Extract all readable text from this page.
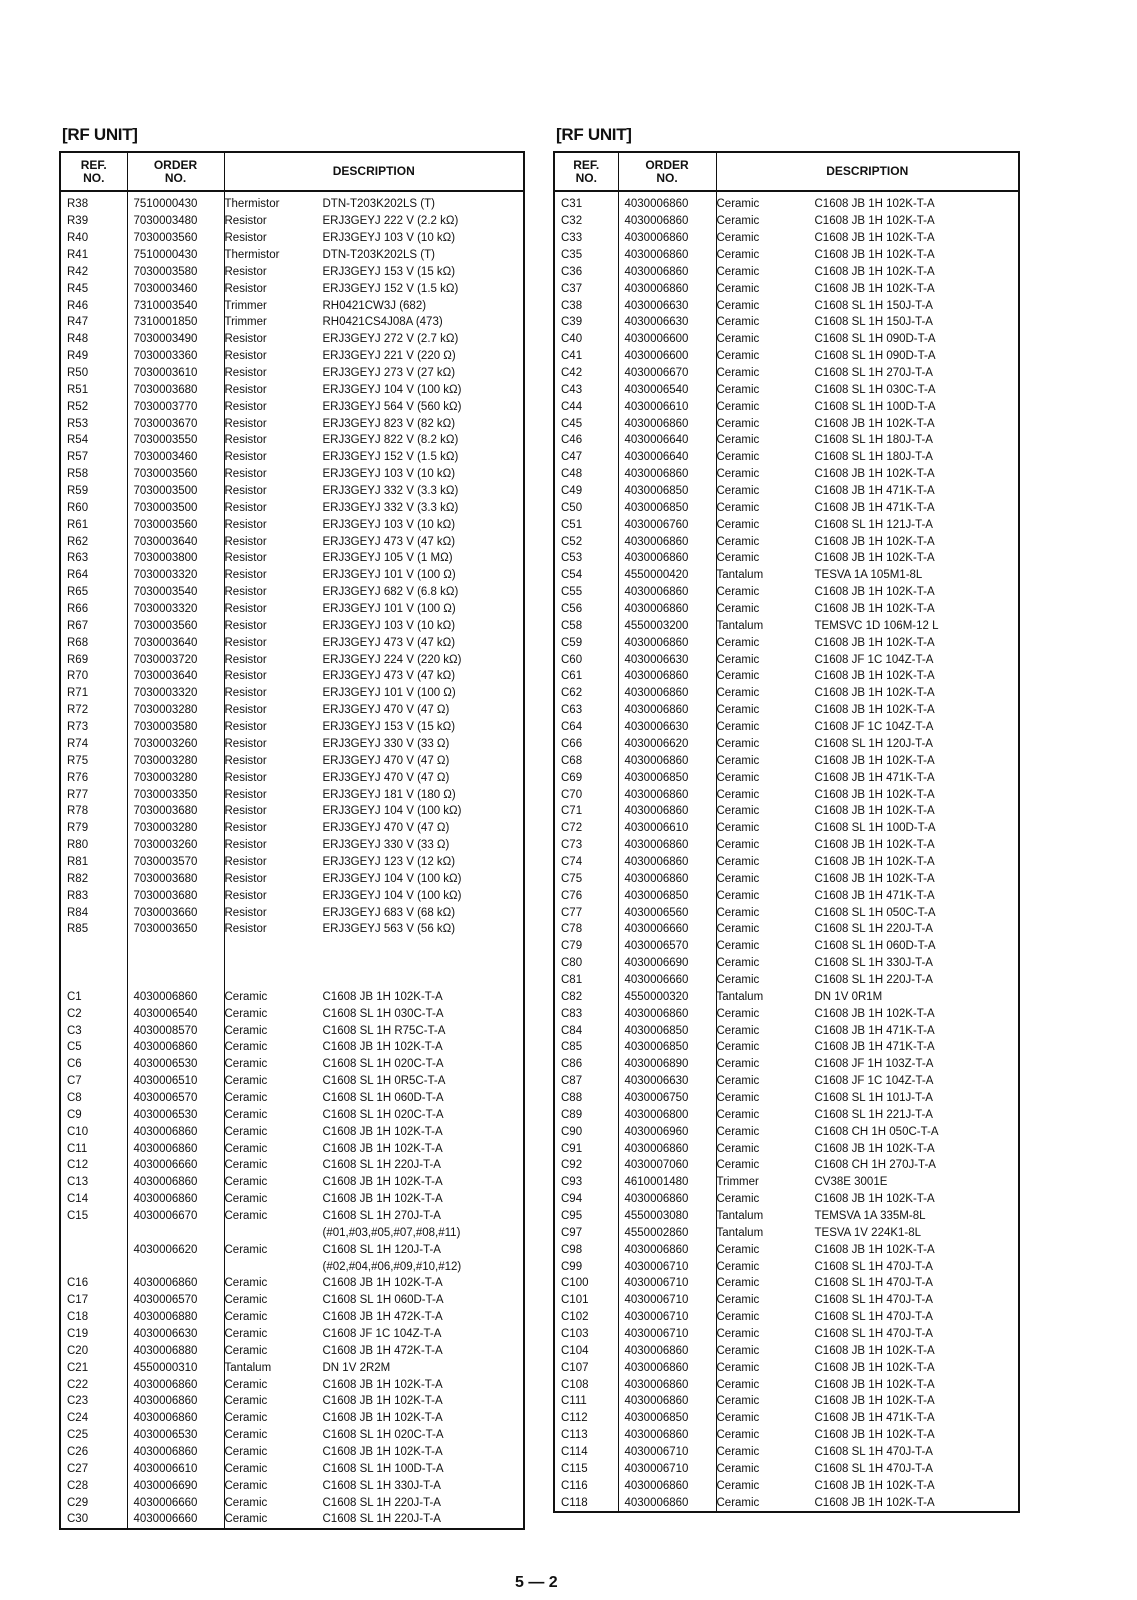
[RF UNIT]
REF.
NO.	ORDER
NO.	DESCRIPTION
R38	7510000430	Thermistor DTN-T203K202LS (T)
R39	7030003480	Resistor ERJ3GEYJ 222 V (2.2 kΩ)
R40	7030003560	Resistor ERJ3GEYJ 103 V (10 kΩ)
R41	7510000430	Thermistor DTN-T203K202LS (T)
R42	7030003580	Resistor ERJ3GEYJ 153 V (15 kΩ)
R45	7030003460	Resistor ERJ3GEYJ 152 V (1.5 kΩ)
R46	7310003540	Trimmer RH0421CW3J (682)
R47	7310001850	Trimmer RH0421CS4J08A (473)
R48	7030003490	Resistor ERJ3GEYJ 272 V (2.7 kΩ)
R49	7030003360	Resistor ERJ3GEYJ 221 V (220 Ω)
R50	7030003610	Resistor ERJ3GEYJ 273 V (27 kΩ)
R51	7030003680	Resistor ERJ3GEYJ 104 V (100 kΩ)
R52	7030003770	Resistor ERJ3GEYJ 564 V (560 kΩ)
R53	7030003670	Resistor ERJ3GEYJ 823 V (82 kΩ)
R54	7030003550	Resistor ERJ3GEYJ 822 V (8.2 kΩ)
R57	7030003460	Resistor ERJ3GEYJ 152 V (1.5 kΩ)
R58	7030003560	Resistor ERJ3GEYJ 103 V (10 kΩ)
R59	7030003500	Resistor ERJ3GEYJ 332 V (3.3 kΩ)
R60	7030003500	Resistor ERJ3GEYJ 332 V (3.3 kΩ)
R61	7030003560	Resistor ERJ3GEYJ 103 V (10 kΩ)
R62	7030003640	Resistor ERJ3GEYJ 473 V (47 kΩ)
R63	7030003800	Resistor ERJ3GEYJ 105 V (1 MΩ)
R64	7030003320	Resistor ERJ3GEYJ 101 V (100 Ω)
R65	7030003540	Resistor ERJ3GEYJ 682 V (6.8 kΩ)
R66	7030003320	Resistor ERJ3GEYJ 101 V (100 Ω)
R67	7030003560	Resistor ERJ3GEYJ 103 V (10 kΩ)
R68	7030003640	Resistor ERJ3GEYJ 473 V (47 kΩ)
R69	7030003720	Resistor ERJ3GEYJ 224 V (220 kΩ)
R70	7030003640	Resistor ERJ3GEYJ 473 V (47 kΩ)
R71	7030003320	Resistor ERJ3GEYJ 101 V (100 Ω)
R72	7030003280	Resistor ERJ3GEYJ 470 V (47 Ω)
R73	7030003580	Resistor ERJ3GEYJ 153 V (15 kΩ)
R74	7030003260	Resistor ERJ3GEYJ 330 V (33 Ω)
R75	7030003280	Resistor ERJ3GEYJ 470 V (47 Ω)
R76	7030003280	Resistor ERJ3GEYJ 470 V (47 Ω)
R77	7030003350	Resistor ERJ3GEYJ 181 V (180 Ω)
R78	7030003680	Resistor ERJ3GEYJ 104 V (100 kΩ)
R79	7030003280	Resistor ERJ3GEYJ 470 V (47 Ω)
R80	7030003260	Resistor ERJ3GEYJ 330 V (33 Ω)
R81	7030003570	Resistor ERJ3GEYJ 123 V (12 kΩ)
R82	7030003680	Resistor ERJ3GEYJ 104 V (100 kΩ)
R83	7030003680	Resistor ERJ3GEYJ 104 V (100 kΩ)
R84	7030003660	Resistor ERJ3GEYJ 683 V (68 kΩ)
R85	7030003650	Resistor ERJ3GEYJ 563 V (56 kΩ)

C1	4030006860	Ceramic C1608 JB 1H 102K-T-A
C2	4030006540	Ceramic C1608 SL 1H 030C-T-A
C3	4030008570	Ceramic C1608 SL 1H R75C-T-A
C5	4030006860	Ceramic C1608 JB 1H 102K-T-A
C6	4030006530	Ceramic C1608 SL 1H 020C-T-A
C7	4030006510	Ceramic C1608 SL 1H 0R5C-T-A
C8	4030006570	Ceramic C1608 SL 1H 060D-T-A
C9	4030006530	Ceramic C1608 SL 1H 020C-T-A
C10	4030006860	Ceramic C1608 JB 1H 102K-T-A
C11	4030006860	Ceramic C1608 JB 1H 102K-T-A
C12	4030006660	Ceramic C1608 SL 1H 220J-T-A
C13	4030006860	Ceramic C1608 JB 1H 102K-T-A
C14	4030006860	Ceramic C1608 JB 1H 102K-T-A
C15	4030006670	Ceramic C1608 SL 1H 270J-T-A
		(#01,#03,#05,#07,#08,#11)
	4030006620	Ceramic C1608 SL 1H 120J-T-A
		(#02,#04,#06,#09,#10,#12)
C16	4030006860	Ceramic C1608 JB 1H 102K-T-A
C17	4030006570	Ceramic C1608 SL 1H 060D-T-A
C18	4030006880	Ceramic C1608 JB 1H 472K-T-A
C19	4030006630	Ceramic C1608 JF 1C 104Z-T-A
C20	4030006880	Ceramic C1608 JB 1H 472K-T-A
C21	4550000310	Tantalum DN 1V 2R2M
C22	4030006860	Ceramic C1608 JB 1H 102K-T-A
C23	4030006860	Ceramic C1608 JB 1H 102K-T-A
C24	4030006860	Ceramic C1608 JB 1H 102K-T-A
C25	4030006530	Ceramic C1608 SL 1H 020C-T-A
C26	4030006860	Ceramic C1608 JB 1H 102K-T-A
C27	4030006610	Ceramic C1608 SL 1H 100D-T-A
C28	4030006690	Ceramic C1608 SL 1H 330J-T-A
C29	4030006660	Ceramic C1608 SL 1H 220J-T-A
C30	4030006660	Ceramic C1608 SL 1H 220J-T-A
[RF UNIT]
REF.
NO.	ORDER
NO.	DESCRIPTION
C31	4030006860	Ceramic C1608 JB 1H 102K-T-A
C32	4030006860	Ceramic C1608 JB 1H 102K-T-A
C33	4030006860	Ceramic C1608 JB 1H 102K-T-A
C35	4030006860	Ceramic C1608 JB 1H 102K-T-A
C36	4030006860	Ceramic C1608 JB 1H 102K-T-A
C37	4030006860	Ceramic C1608 JB 1H 102K-T-A
C38	4030006630	Ceramic C1608 SL 1H 150J-T-A
C39	4030006630	Ceramic C1608 SL 1H 150J-T-A
C40	4030006600	Ceramic C1608 SL 1H 090D-T-A
C41	4030006600	Ceramic C1608 SL 1H 090D-T-A
C42	4030006670	Ceramic C1608 SL 1H 270J-T-A
C43	4030006540	Ceramic C1608 SL 1H 030C-T-A
C44	4030006610	Ceramic C1608 SL 1H 100D-T-A
C45	4030006860	Ceramic C1608 JB 1H 102K-T-A
C46	4030006640	Ceramic C1608 SL 1H 180J-T-A
C47	4030006640	Ceramic C1608 SL 1H 180J-T-A
C48	4030006860	Ceramic C1608 JB 1H 102K-T-A
C49	4030006850	Ceramic C1608 JB 1H 471K-T-A
C50	4030006850	Ceramic C1608 JB 1H 471K-T-A
C51	4030006760	Ceramic C1608 SL 1H 121J-T-A
C52	4030006860	Ceramic C1608 JB 1H 102K-T-A
C53	4030006860	Ceramic C1608 JB 1H 102K-T-A
C54	4550000420	Tantalum TESVA 1A 105M1-8L
C55	4030006860	Ceramic C1608 JB 1H 102K-T-A
C56	4030006860	Ceramic C1608 JB 1H 102K-T-A
C58	4550003200	Tantalum TEMSVC 1D 106M-12 L
C59	4030006860	Ceramic C1608 JB 1H 102K-T-A
C60	4030006630	Ceramic C1608 JF 1C 104Z-T-A
C61	4030006860	Ceramic C1608 JB 1H 102K-T-A
C62	4030006860	Ceramic C1608 JB 1H 102K-T-A
C63	4030006860	Ceramic C1608 JB 1H 102K-T-A
C64	4030006630	Ceramic C1608 JF 1C 104Z-T-A
C66	4030006620	Ceramic C1608 SL 1H 120J-T-A
C68	4030006860	Ceramic C1608 JB 1H 102K-T-A
C69	4030006850	Ceramic C1608 JB 1H 471K-T-A
C70	4030006860	Ceramic C1608 JB 1H 102K-T-A
C71	4030006860	Ceramic C1608 JB 1H 102K-T-A
C72	4030006610	Ceramic C1608 SL 1H 100D-T-A
C73	4030006860	Ceramic C1608 JB 1H 102K-T-A
C74	4030006860	Ceramic C1608 JB 1H 102K-T-A
C75	4030006860	Ceramic C1608 JB 1H 102K-T-A
C76	4030006850	Ceramic C1608 JB 1H 471K-T-A
C77	4030006560	Ceramic C1608 SL 1H 050C-T-A
C78	4030006660	Ceramic C1608 SL 1H 220J-T-A
C79	4030006570	Ceramic C1608 SL 1H 060D-T-A
C80	4030006690	Ceramic C1608 SL 1H 330J-T-A
C81	4030006660	Ceramic C1608 SL 1H 220J-T-A
C82	4550000320	Tantalum DN 1V 0R1M
C83	4030006860	Ceramic C1608 JB 1H 102K-T-A
C84	4030006850	Ceramic C1608 JB 1H 471K-T-A
C85	4030006850	Ceramic C1608 JB 1H 471K-T-A
C86	4030006890	Ceramic C1608 JF 1H 103Z-T-A
C87	4030006630	Ceramic C1608 JF 1C 104Z-T-A
C88	4030006750	Ceramic C1608 SL 1H 101J-T-A
C89	4030006800	Ceramic C1608 SL 1H 221J-T-A
C90	4030006960	Ceramic C1608 CH 1H 050C-T-A
C91	4030006860	Ceramic C1608 JB 1H 102K-T-A
C92	4030007060	Ceramic C1608 CH 1H 270J-T-A
C93	4610001480	Trimmer CV38E 3001E
C94	4030006860	Ceramic C1608 JB 1H 102K-T-A
C95	4550003080	Tantalum TEMSVA 1A 335M-8L
C97	4550002860	Tantalum TESVA 1V 224K1-8L
C98	4030006860	Ceramic C1608 JB 1H 102K-T-A
C99	4030006710	Ceramic C1608 SL 1H 470J-T-A
C100	4030006710	Ceramic C1608 SL 1H 470J-T-A
C101	4030006710	Ceramic C1608 SL 1H 470J-T-A
C102	4030006710	Ceramic C1608 SL 1H 470J-T-A
C103	4030006710	Ceramic C1608 SL 1H 470J-T-A
C104	4030006860	Ceramic C1608 JB 1H 102K-T-A
C107	4030006860	Ceramic C1608 JB 1H 102K-T-A
C108	4030006860	Ceramic C1608 JB 1H 102K-T-A
C111	4030006860	Ceramic C1608 JB 1H 102K-T-A
C112	4030006850	Ceramic C1608 JB 1H 471K-T-A
C113	4030006860	Ceramic C1608 JB 1H 102K-T-A
C114	4030006710	Ceramic C1608 SL 1H 470J-T-A
C115	4030006710	Ceramic C1608 SL 1H 470J-T-A
C116	4030006860	Ceramic C1608 JB 1H 102K-T-A
C118	4030006860	Ceramic C1608 JB 1H 102K-T-A
5 — 2
